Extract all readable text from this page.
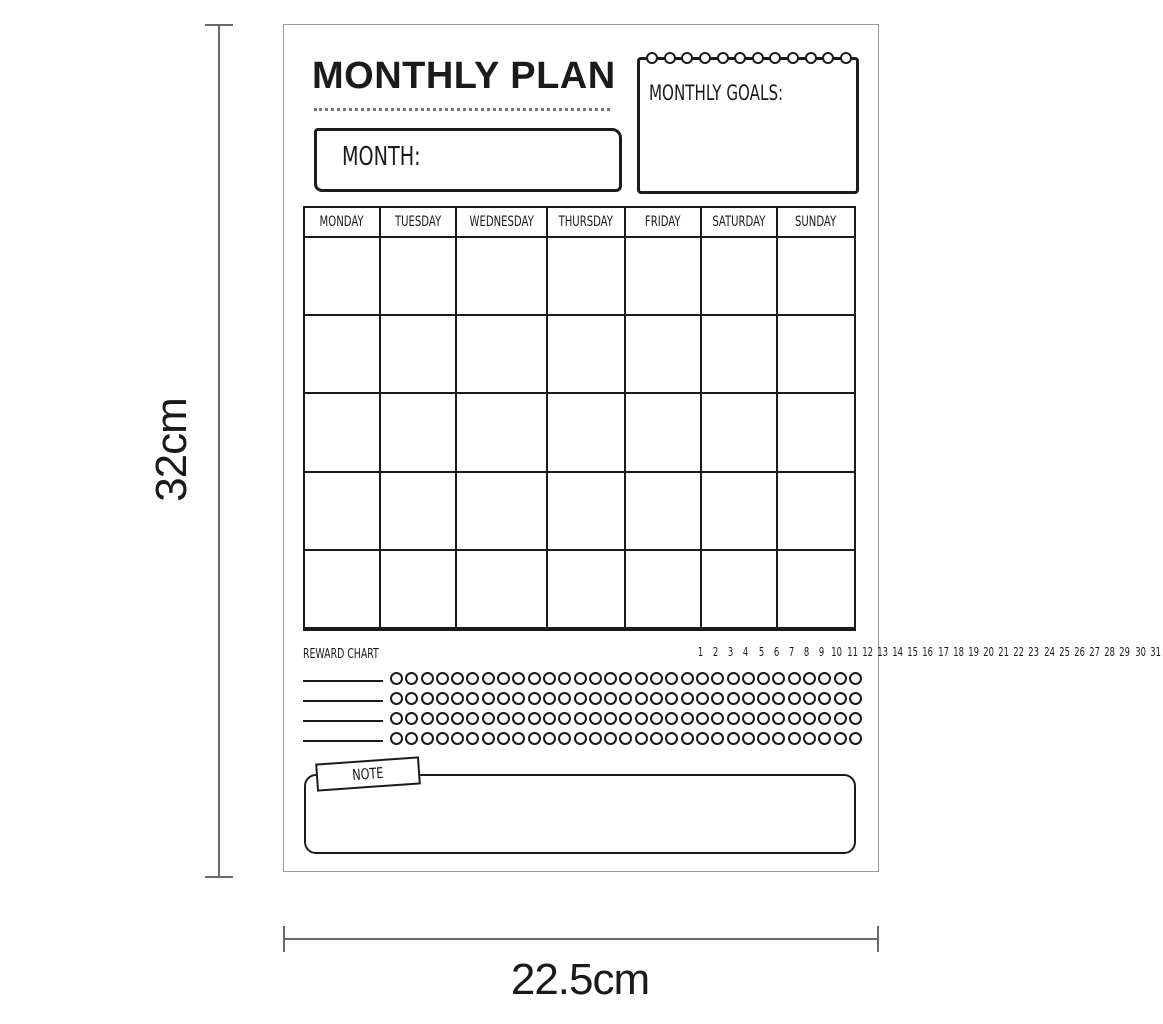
32cm
22.5cm
MONTHLY PLAN
MONTH:
MONTHLY GOALS:
MONDAY TUESDAY WEDNESDAY THURSDAY FRIDAY SATURDAY SUNDAY
REWARD CHART	1 2 3 4 5 6 7 8 9 10 11 12 13 14 15 16 17 18 19 20 21 22 23 24 25 26 27 28 29 30 31
NOTE
